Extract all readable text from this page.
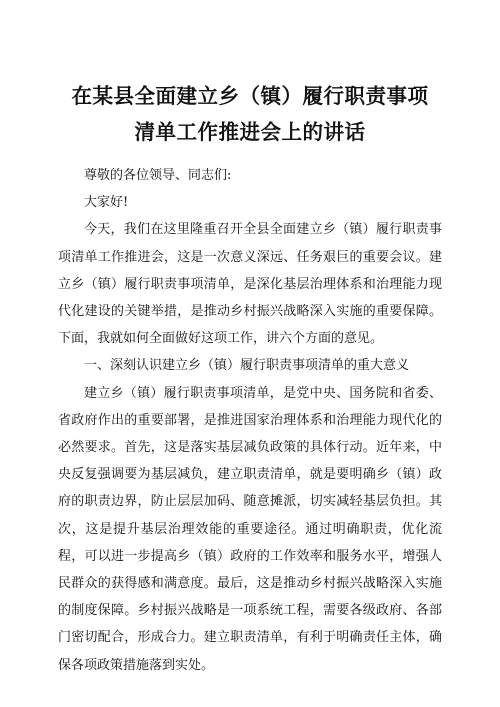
在某县全面建立乡（镇）履行职责事项
清单工作推进会上的讲话

尊敬的各位领导、同志们:

大家好!

今天，我们在这里隆重召开全县全面建立乡（镇）履行职责事项清单工作推进会，这是一次意义深远、任务艰巨的重要会议。建立乡（镇）履行职责事项清单，是深化基层治理体系和治理能力现代化建设的关键举措，是推动乡村振兴战略深入实施的重要保障。下面，我就如何全面做好这项工作，讲六个方面的意见。

一、深刻认识建立乡（镇）履行职责事项清单的重大意义

建立乡（镇）履行职责事项清单，是党中央、国务院和省委、省政府作出的重要部署，是推进国家治理体系和治理能力现代化的必然要求。首先，这是落实基层减负政策的具体行动。近年来，中央反复强调要为基层减负，建立职责清单，就是要明确乡（镇）政府的职责边界，防止层层加码、随意摊派，切实减轻基层负担。其次，这是提升基层治理效能的重要途径。通过明确职责，优化流程，可以进一步提高乡（镇）政府的工作效率和服务水平，增强人民群众的获得感和满意度。最后，这是推动乡村振兴战略深入实施的制度保障。乡村振兴战略是一项系统工程，需要各级政府、各部门密切配合，形成合力。建立职责清单，有利于明确责任主体，确保各项政策措施落到实处。
